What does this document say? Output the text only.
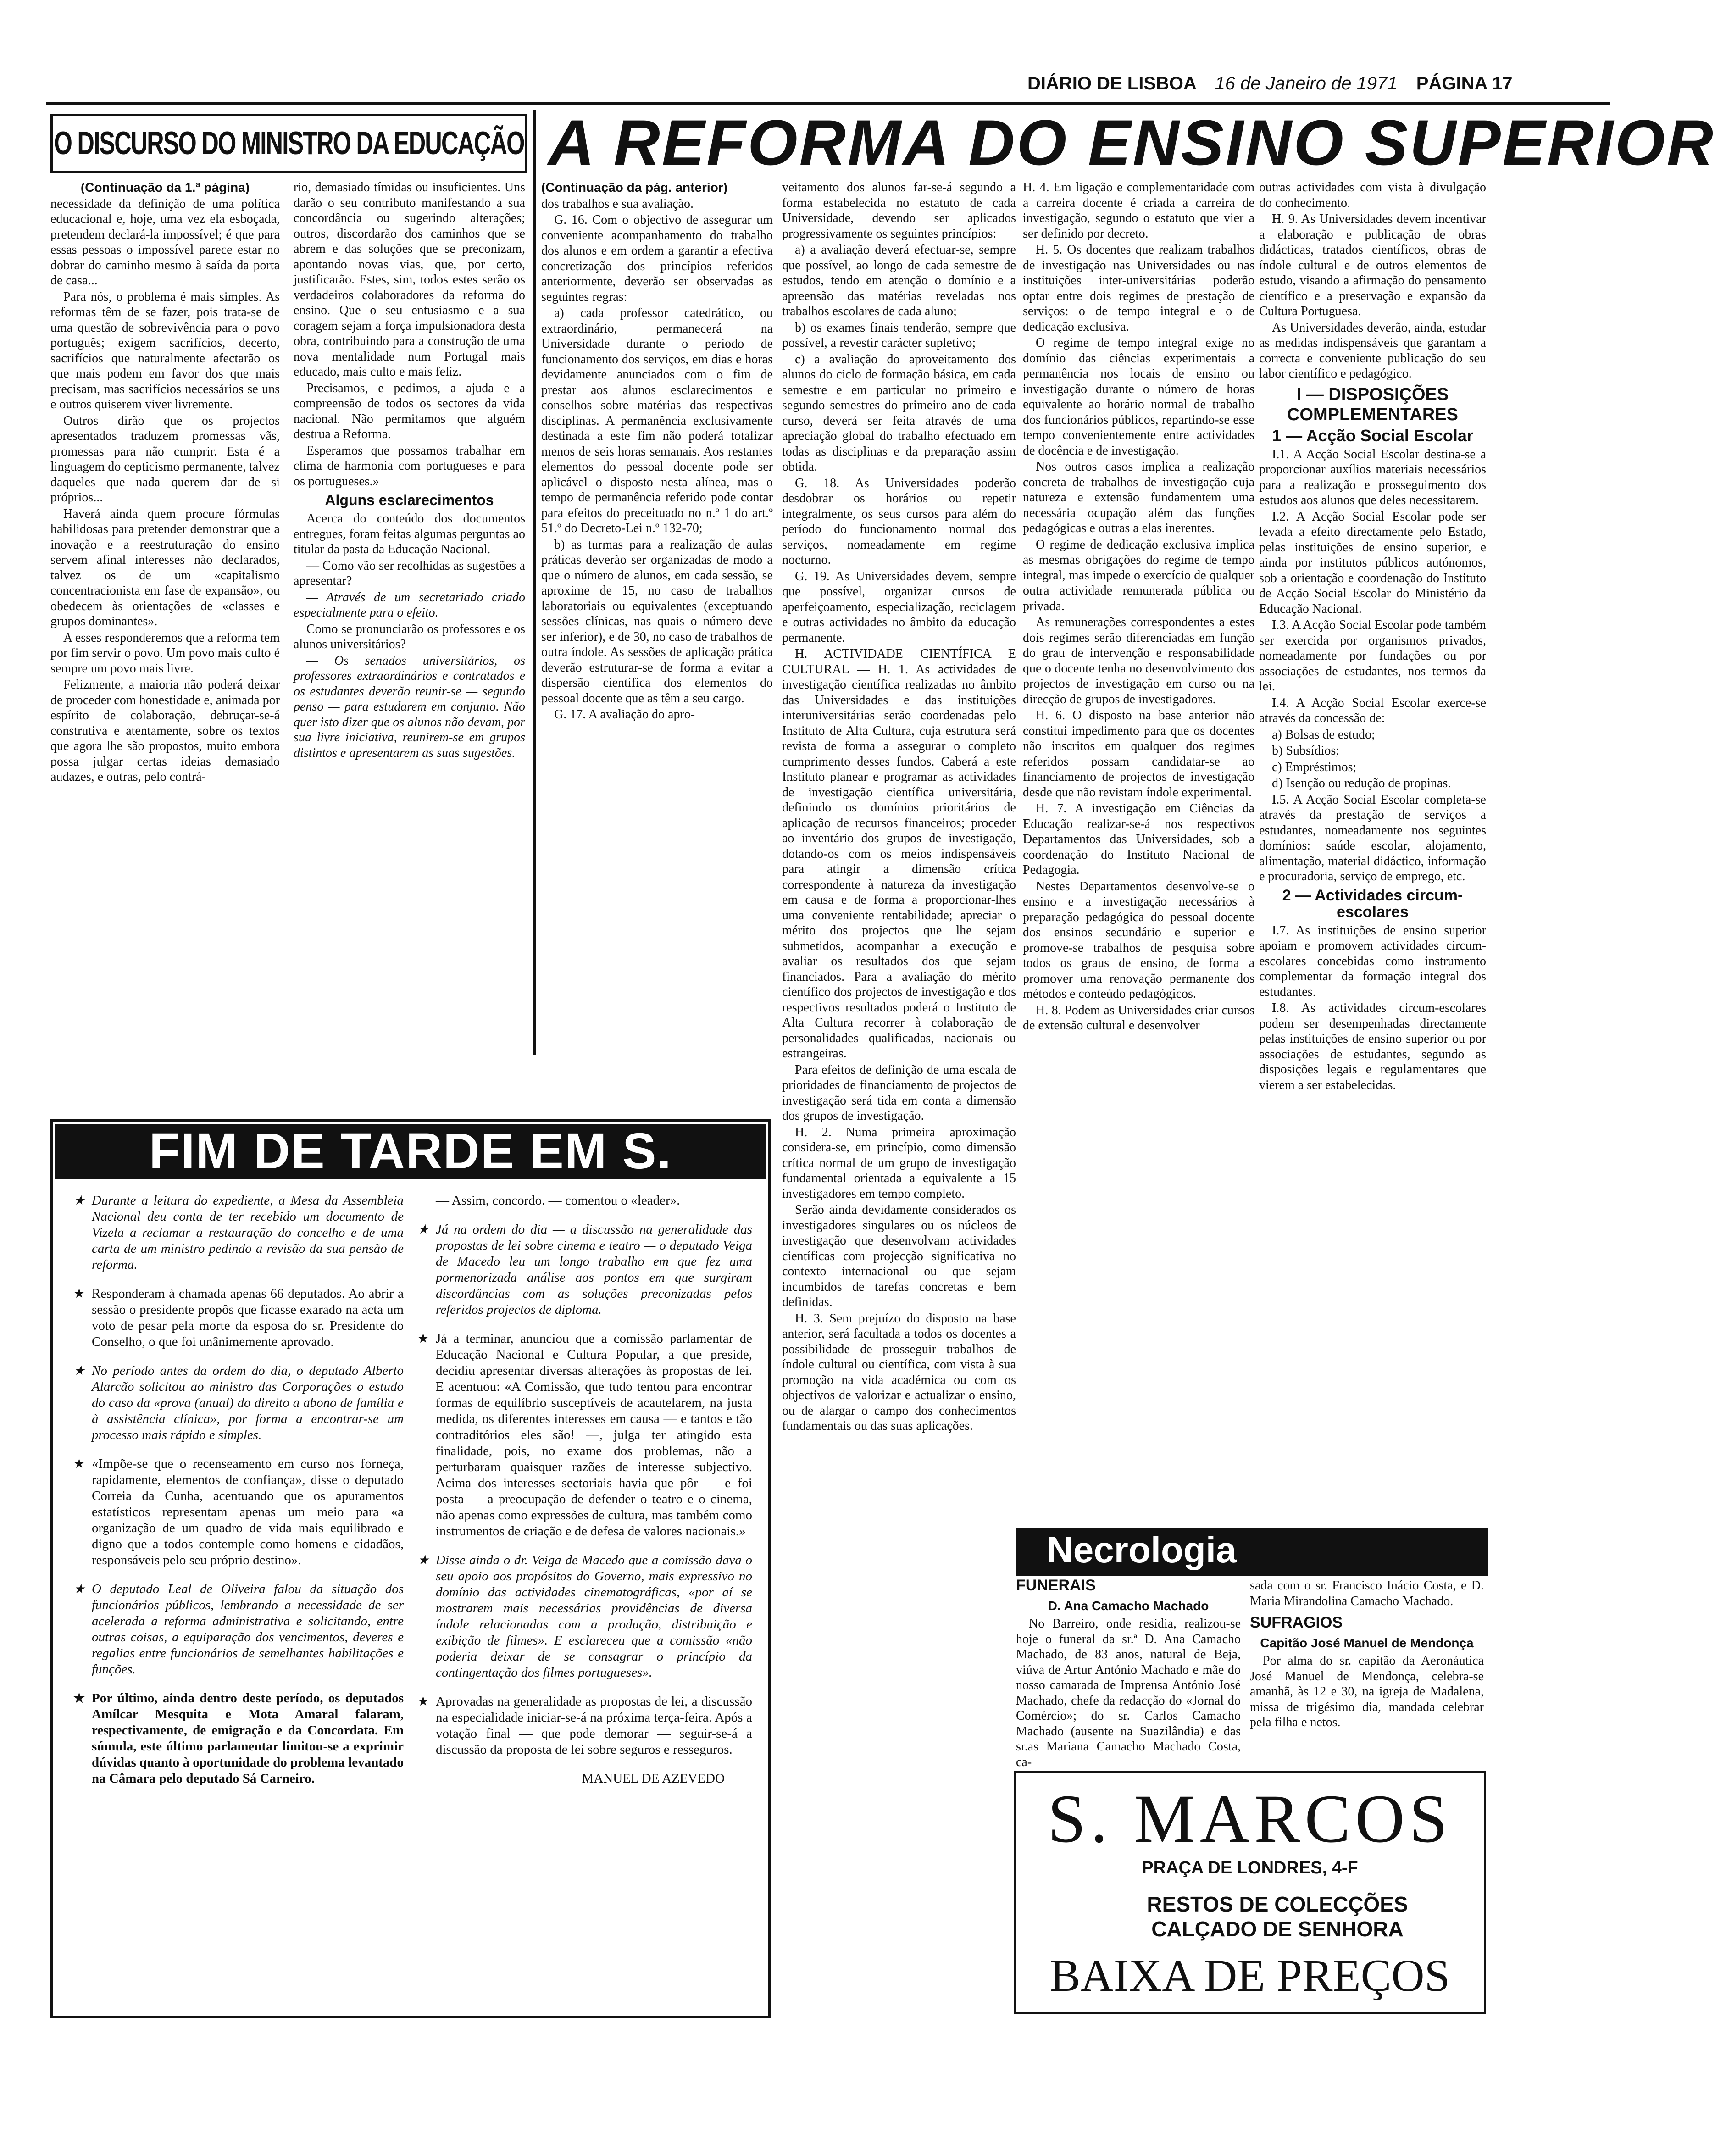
DIÁRIO DE LISBOA 16 de Janeiro de 1971 PÁGINA 17
O DISCURSO DO MINISTRO DA EDUCAÇÃO A REFORMA DO ENSINO SUPERIOR

(Continuação da 1.ª página)

necessidade da definição de uma política educacional e, hoje, uma vez ela esboçada, pretendem declará-la impossível; é que para essas pessoas o impossível parece estar no dobrar do caminho mesmo à saída da porta de casa...

Para nós, o problema é mais simples. As reformas têm de se fazer, pois trata-se de uma questão de sobrevivência para o povo português; exigem sacrifícios, decerto, sacrifícios que naturalmente afectarão os que mais podem em favor dos que mais precisam, mas sacrifícios necessários se uns e outros quiserem viver livremente.

Outros dirão que os projectos apresentados traduzem promessas vãs, promessas para não cumprir. Esta é a linguagem do cepticismo permanente, talvez daqueles que nada querem dar de si próprios...

Haverá ainda quem procure fórmulas habilidosas para pretender demonstrar que a inovação e a reestruturação do ensino servem afinal interesses não declarados, talvez os de um «capitalismo concentracionista em fase de expansão», ou obedecem às orientações de «classes e grupos dominantes».

A esses responderemos que a reforma tem por fim servir o povo. Um povo mais culto é sempre um povo mais livre.

Felizmente, a maioria não poderá deixar de proceder com honestidade e, animada por espírito de colaboração, debruçar-se-á construtiva e atentamente, sobre os textos que agora lhe são propostos, muito embora possa julgar certas ideias demasiado audazes, e outras, pelo contrá-

rio, demasiado tímidas ou insuficientes. Uns darão o seu contributo manifestando a sua concordância ou sugerindo alterações; outros, discordarão dos caminhos que se abrem e das soluções que se preconizam, apontando novas vias, que, por certo, justificarão. Estes, sim, todos estes serão os verdadeiros colaboradores da reforma do ensino. Que o seu entusiasmo e a sua coragem sejam a força impulsionadora desta obra, contribuindo para a construção de uma nova mentalidade num Portugal mais educado, mais culto e mais feliz.

Precisamos, e pedimos, a ajuda e a compreensão de todos os sectores da vida nacional. Não permitamos que alguém destrua a Reforma.

Esperamos que possamos trabalhar em clima de harmonia com portugueses e para os portugueses.»

Alguns esclarecimentos

Acerca do conteúdo dos documentos entregues, foram feitas algumas perguntas ao titular da pasta da Educação Nacional.

— Como vão ser recolhidas as sugestões a apresentar?

— Através de um secretariado criado especialmente para o efeito.

Como se pronunciarão os professores e os alunos universitários?

— Os senados universitários, os professores extraordinários e contratados e os estudantes deverão reunir-se — segundo penso — para estudarem em conjunto. Não quer isto dizer que os alunos não devam, por sua livre iniciativa, reunirem-se em grupos distintos e apresentarem as suas sugestões.

(Continuação da pág. anterior)

dos trabalhos e sua avaliação.

G. 16. Com o objectivo de assegurar um conveniente acompanhamento do trabalho dos alunos e em ordem a garantir a efectiva concretização dos princípios referidos anteriormente, deverão ser observadas as seguintes regras:

a) cada professor catedrático, ou extraordinário, permanecerá na Universidade durante o período de funcionamento dos serviços, em dias e horas devidamente anunciados com o fim de prestar aos alunos esclarecimentos e conselhos sobre matérias das respectivas disciplinas. A permanência exclusivamente destinada a este fim não poderá totalizar menos de seis horas semanais. Aos restantes elementos do pessoal docente pode ser aplicável o disposto nesta alínea, mas o tempo de permanência referido pode contar para efeitos do preceituado no n.º 1 do art.º 51.º do Decreto-Lei n.º 132-70;

b) as turmas para a realização de aulas práticas deverão ser organizadas de modo a que o número de alunos, em cada sessão, se aproxime de 15, no caso de trabalhos laboratoriais ou equivalentes (exceptuando sessões clínicas, nas quais o número deve ser inferior), e de 30, no caso de trabalhos de outra índole. As sessões de aplicação prática deverão estruturar-se de forma a evitar a dispersão científica dos elementos do pessoal docente que as têm a seu cargo.

G. 17. A avaliação do apro-

veitamento dos alunos far-se-á segundo a forma estabelecida no estatuto de cada Universidade, devendo ser aplicados progressivamente os seguintes princípios:

a) a avaliação deverá efectuar-se, sempre que possível, ao longo de cada semestre de estudos, tendo em atenção o domínio e a apreensão das matérias reveladas nos trabalhos escolares de cada aluno;

b) os exames finais tenderão, sempre que possível, a revestir carácter supletivo;

c) a avaliação do aproveitamento dos alunos do ciclo de formação básica, em cada semestre e em particular no primeiro e segundo semestres do primeiro ano de cada curso, deverá ser feita através de uma apreciação global do trabalho efectuado em todas as disciplinas e da preparação assim obtida.

G. 18. As Universidades poderão desdobrar os horários ou repetir integralmente, os seus cursos para além do período do funcionamento normal dos serviços, nomeadamente em regime nocturno.

G. 19. As Universidades devem, sempre que possível, organizar cursos de aperfeiçoamento, especialização, reciclagem e outras actividades no âmbito da educação permanente.

H. ACTIVIDADE CIENTÍFICA E CULTURAL — H. 1. As actividades de investigação científica realizadas no âmbito das Universidades e das instituições interuniversitárias serão coordenadas pelo Instituto de Alta Cultura, cuja estrutura será revista de forma a assegurar o completo cumprimento desses fundos. Caberá a este Instituto planear e programar as actividades de investigação científica universitária, definindo os domínios prioritários de aplicação de recursos financeiros; proceder ao inventário dos grupos de investigação, dotando-os com os meios indispensáveis para atingir a dimensão crítica correspondente à natureza da investigação em causa e de forma a proporcionar-lhes uma conveniente rentabilidade; apreciar o mérito dos projectos que lhe sejam submetidos, acompanhar a execução e avaliar os resultados dos que sejam financiados. Para a avaliação do mérito científico dos projectos de investigação e dos respectivos resultados poderá o Instituto de Alta Cultura recorrer à colaboração de personalidades qualificadas, nacionais ou estrangeiras.

Para efeitos de definição de uma escala de prioridades de financiamento de projectos de investigação será tida em conta a dimensão dos grupos de investigação.

H. 2. Numa primeira aproximação considera-se, em princípio, como dimensão crítica normal de um grupo de investigação fundamental orientada a equivalente a 15 investigadores em tempo completo.

Serão ainda devidamente considerados os investigadores singulares ou os núcleos de investigação que desenvolvam actividades científicas com projecção significativa no contexto internacional ou que sejam incumbidos de tarefas concretas e bem definidas.

H. 3. Sem prejuízo do disposto na base anterior, será facultada a todos os docentes a possibilidade de prosseguir trabalhos de índole cultural ou científica, com vista à sua promoção na vida académica ou com os objectivos de valorizar e actualizar o ensino, ou de alargar o campo dos conhecimentos fundamentais ou das suas aplicações.

H. 4. Em ligação e complementaridade com a carreira docente é criada a carreira de investigação, segundo o estatuto que vier a ser definido por decreto.

H. 5. Os docentes que realizam trabalhos de investigação nas Universidades ou nas instituições inter-universitárias poderão optar entre dois regimes de prestação de serviços: o de tempo integral e o de dedicação exclusiva.

O regime de tempo integral exige no domínio das ciências experimentais a permanência nos locais de ensino ou investigação durante o número de horas equivalente ao horário normal de trabalho dos funcionários públicos, repartindo-se esse tempo convenientemente entre actividades de docência e de investigação.

Nos outros casos implica a realização concreta de trabalhos de investigação cuja natureza e extensão fundamentem uma necessária ocupação além das funções pedagógicas e outras a elas inerentes.

O regime de dedicação exclusiva implica as mesmas obrigações do regime de tempo integral, mas impede o exercício de qualquer outra actividade remunerada pública ou privada.

As remunerações correspondentes a estes dois regimes serão diferenciadas em função do grau de intervenção e responsabilidade que o docente tenha no desenvolvimento dos projectos de investigação em curso ou na direcção de grupos de investigadores.

H. 6. O disposto na base anterior não constitui impedimento para que os docentes não inscritos em qualquer dos regimes referidos possam candidatar-se ao financiamento de projectos de investigação desde que não revistam índole experimental.

H. 7. A investigação em Ciências da Educação realizar-se-á nos respectivos Departamentos das Universidades, sob a coordenação do Instituto Nacional de Pedagogia.

Nestes Departamentos desenvolve-se o ensino e a investigação necessários à preparação pedagógica do pessoal docente dos ensinos secundário e superior e promove-se trabalhos de pesquisa sobre todos os graus de ensino, de forma a promover uma renovação permanente dos métodos e conteúdo pedagógicos.

H. 8. Podem as Universidades criar cursos de extensão cultural e desenvolver

outras actividades com vista à divulgação do conhecimento.

H. 9. As Universidades devem incentivar a elaboração e publicação de obras didácticas, tratados científicos, obras de índole cultural e de outros elementos de estudo, visando a afirmação do pensamento científico e a preservação e expansão da Cultura Portuguesa.

As Universidades deverão, ainda, estudar as medidas indispensáveis que garantam a correcta e conveniente publicação do seu labor científico e pedagógico.

I — DISPOSIÇÕES COMPLEMENTARES
1 — Acção Social Escolar

I.1. A Acção Social Escolar destina-se a proporcionar auxílios materiais necessários para a realização e prosseguimento dos estudos aos alunos que deles necessitarem.

I.2. A Acção Social Escolar pode ser levada a efeito directamente pelo Estado, pelas instituições de ensino superior, e ainda por institutos públicos autónomos, sob a orientação e coordenação do Instituto de Acção Social Escolar do Ministério da Educação Nacional.

I.3. A Acção Social Escolar pode também ser exercida por organismos privados, nomeadamente por fundações ou por associações de estudantes, nos termos da lei.

I.4. A Acção Social Escolar exerce-se através da concessão de:

a) Bolsas de estudo;

b) Subsídios;

c) Empréstimos;

d) Isenção ou redução de propinas.

I.5. A Acção Social Escolar completa-se através da prestação de serviços a estudantes, nomeadamente nos seguintes domínios: saúde escolar, alojamento, alimentação, material didáctico, informação e procuradoria, serviço de emprego, etc.

2 — Actividades circum-escolares

I.7. As instituições de ensino superior apoiam e promovem actividades circum-escolares concebidas como instrumento complementar da formação integral dos estudantes.

I.8. As actividades circum-escolares podem ser desempenhadas directamente pelas instituições de ensino superior ou por associações de estudantes, segundo as disposições legais e regulamentares que vierem a ser estabelecidas.

FIM DE TARDE EM S. BENTO
★ Durante a leitura do expediente, a Mesa da Assembleia Nacional deu conta de ter recebido um documento de Vizela a reclamar a restauração do concelho e de uma carta de um ministro pedindo a revisão da sua pensão de reforma.
★ Responderam à chamada apenas 66 deputados. Ao abrir a sessão o presidente propôs que ficasse exarado na acta um voto de pesar pela morte da esposa do sr. Presidente do Conselho, o que foi unânimemente aprovado.
★ No período antes da ordem do dia, o deputado Alberto Alarcão solicitou ao ministro das Corporações o estudo do caso da «prova (anual) do direito a abono de família e à assistência clínica», por forma a encontrar-se um processo mais rápido e simples.
★ «Impõe-se que o recenseamento em curso nos forneça, rapidamente, elementos de confiança», disse o deputado Correia da Cunha, acentuando que os apuramentos estatísticos representam apenas um meio para «a organização de um quadro de vida mais equilibrado e digno que a todos contemple como homens e cidadãos, responsáveis pelo seu próprio destino».
★ O deputado Leal de Oliveira falou da situação dos funcionários públicos, lembrando a necessidade de ser acelerada a reforma administrativa e solicitando, entre outras coisas, a equiparação dos vencimentos, deveres e regalias entre funcionários de semelhantes habilitações e funções.
★ Por último, ainda dentro deste período, os deputados Amílcar Mesquita e Mota Amaral falaram, respectivamente, de emigração e da Concordata. Em súmula, este último parlamentar limitou-se a exprimir dúvidas quanto à oportunidade do problema levantado na Câmara pelo deputado Sá Carneiro.
— Assim, concordo. — comentou o «leader».
★ Já na ordem do dia — a discussão na generalidade das propostas de lei sobre cinema e teatro — o deputado Veiga de Macedo leu um longo trabalho em que fez uma pormenorizada análise aos pontos em que surgiram discordâncias com as soluções preconizadas pelos referidos projectos de diploma.
★ Já a terminar, anunciou que a comissão parlamentar de Educação Nacional e Cultura Popular, a que preside, decidiu apresentar diversas alterações às propostas de lei. E acentuou: «A Comissão, que tudo tentou para encontrar formas de equilíbrio susceptíveis de acautelarem, na justa medida, os diferentes interesses em causa — e tantos e tão contraditórios eles são! —, julga ter atingido esta finalidade, pois, no exame dos problemas, não a perturbaram quaisquer razões de interesse subjectivo. Acima dos interesses sectoriais havia que pôr — e foi posta — a preocupação de defender o teatro e o cinema, não apenas como expressões de cultura, mas também como instrumentos de criação e de defesa de valores nacionais.»
★ Disse ainda o dr. Veiga de Macedo que a comissão dava o seu apoio aos propósitos do Governo, mais expressivo no domínio das actividades cinematográficas, «por aí se mostrarem mais necessárias providências de diversa índole relacionadas com a produção, distribuição e exibição de filmes». E esclareceu que a comissão «não poderia deixar de se consagrar o princípio da contingentação dos filmes portugueses».
★ Aprovadas na generalidade as propostas de lei, a discussão na especialidade iniciar-se-á na próxima terça-feira. Após a votação final — que pode demorar — seguir-se-á a discussão da proposta de lei sobre seguros e resseguros.
MANUEL DE AZEVEDO
Necrologia
FUNERAIS
D. Ana Camacho Machado

No Barreiro, onde residia, realizou-se hoje o funeral da sr.ª D. Ana Camacho Machado, de 83 anos, natural de Beja, viúva de Artur António Machado e mãe do nosso camarada de Imprensa António José Machado, chefe da redacção do «Jornal do Comércio»; do sr. Carlos Camacho Machado (ausente na Suazilândia) e das sr.as Mariana Camacho Machado Costa, ca-

sada com o sr. Francisco Inácio Costa, e D. Maria Mirandolina Camacho Machado.

SUFRAGIOS
Capitão José Manuel de Mendonça

Por alma do sr. capitão da Aeronáutica José Manuel de Mendonça, celebra-se amanhã, às 12 e 30, na igreja de Madalena, missa de trigésimo dia, mandada celebrar pela filha e netos.

S. MARCOS
PRAÇA DE LONDRES, 4-F
RESTOS DE COLECÇÕES
CALÇADO DE SENHORA
BAIXA DE PREÇOS
